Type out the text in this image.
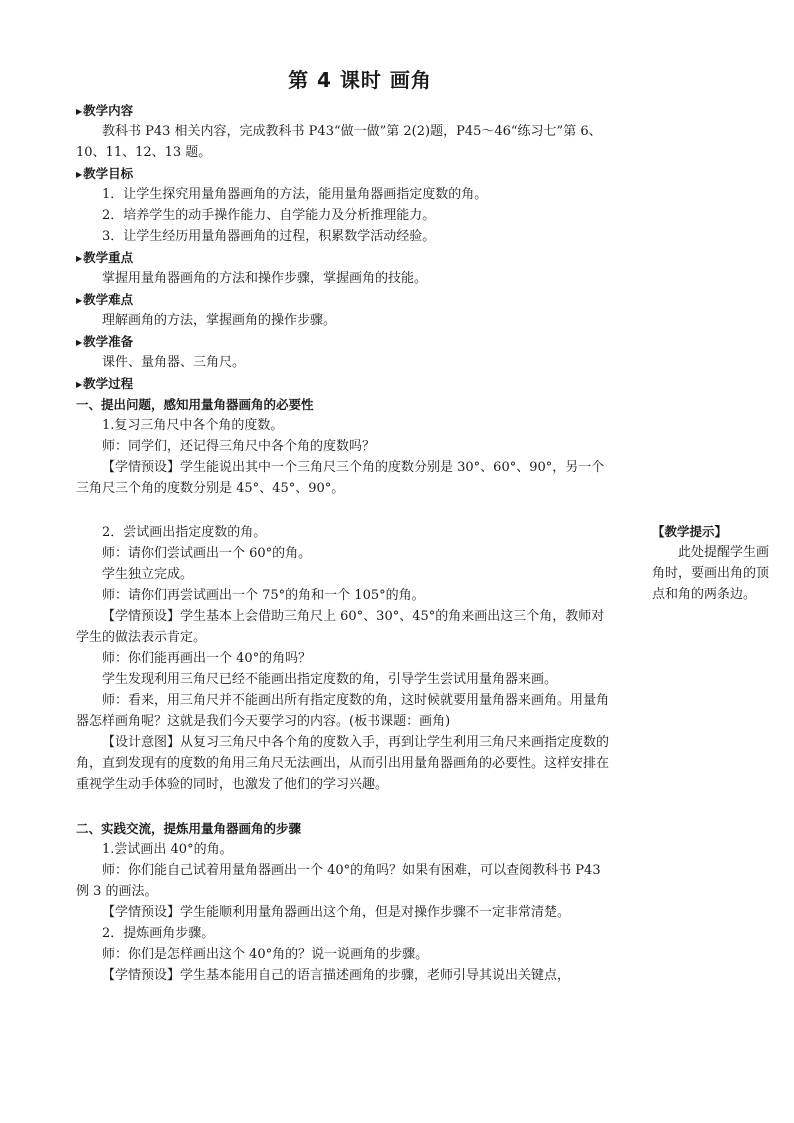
第 4 课时 画角

▶教学内容

教科书 P43 相关内容，完成教科书 P43“做一做”第 2(2)题，P45～46“练习七”第 6、10、11、12、13 题。

▶教学目标

1．让学生探究用量角器画角的方法，能用量角器画指定度数的角。

2．培养学生的动手操作能力、自学能力及分析推理能力。

3．让学生经历用量角器画角的过程，积累数学活动经验。

▶教学重点

掌握用量角器画角的方法和操作步骤，掌握画角的技能。

▶教学难点

理解画角的方法，掌握画角的操作步骤。

▶教学准备

课件、量角器、三角尺。

▶教学过程

一、提出问题，感知用量角器画角的必要性

1.复习三角尺中各个角的度数。

师：同学们，还记得三角尺中各个角的度数吗？

【学情预设】学生能说出其中一个三角尺三个角的度数分别是 30°、60°、90°，另一个三角尺三个角的度数分别是 45°、45°、90°。

2．尝试画出指定度数的角。

师：请你们尝试画出一个 60°的角。

学生独立完成。

师：请你们再尝试画出一个 75°的角和一个 105°的角。

【学情预设】学生基本上会借助三角尺上 60°、30°、45°的角来画出这三个角，教师对学生的做法表示肯定。

师：你们能再画出一个 40°的角吗？

学生发现利用三角尺已经不能画出指定度数的角，引导学生尝试用量角器来画。

师：看来，用三角尺并不能画出所有指定度数的角，这时候就要用量角器来画角。用量角器怎样画角呢？这就是我们今天要学习的内容。(板书课题：画角)

【设计意图】从复习三角尺中各个角的度数入手，再到让学生利用三角尺来画指定度数的角，直到发现有的度数的角用三角尺无法画出，从而引出用量角器画角的必要性。这样安排在重视学生动手体验的同时，也激发了他们的学习兴趣。

二、实践交流，提炼用量角器画角的步骤

1.尝试画出 40°的角。

师：你们能自己试着用量角器画出一个 40°的角吗？如果有困难，可以查阅教科书 P43 例 3 的画法。

【学情预设】学生能顺利用量角器画出这个角，但是对操作步骤不一定非常清楚。

2．提炼画角步骤。

师：你们是怎样画出这个 40°角的？说一说画角的步骤。

【学情预设】学生基本能用自己的语言描述画角的步骤，老师引导其说出关键点，

【教学提示】
此处提醒学生画角时，要画出角的顶点和角的两条边。
